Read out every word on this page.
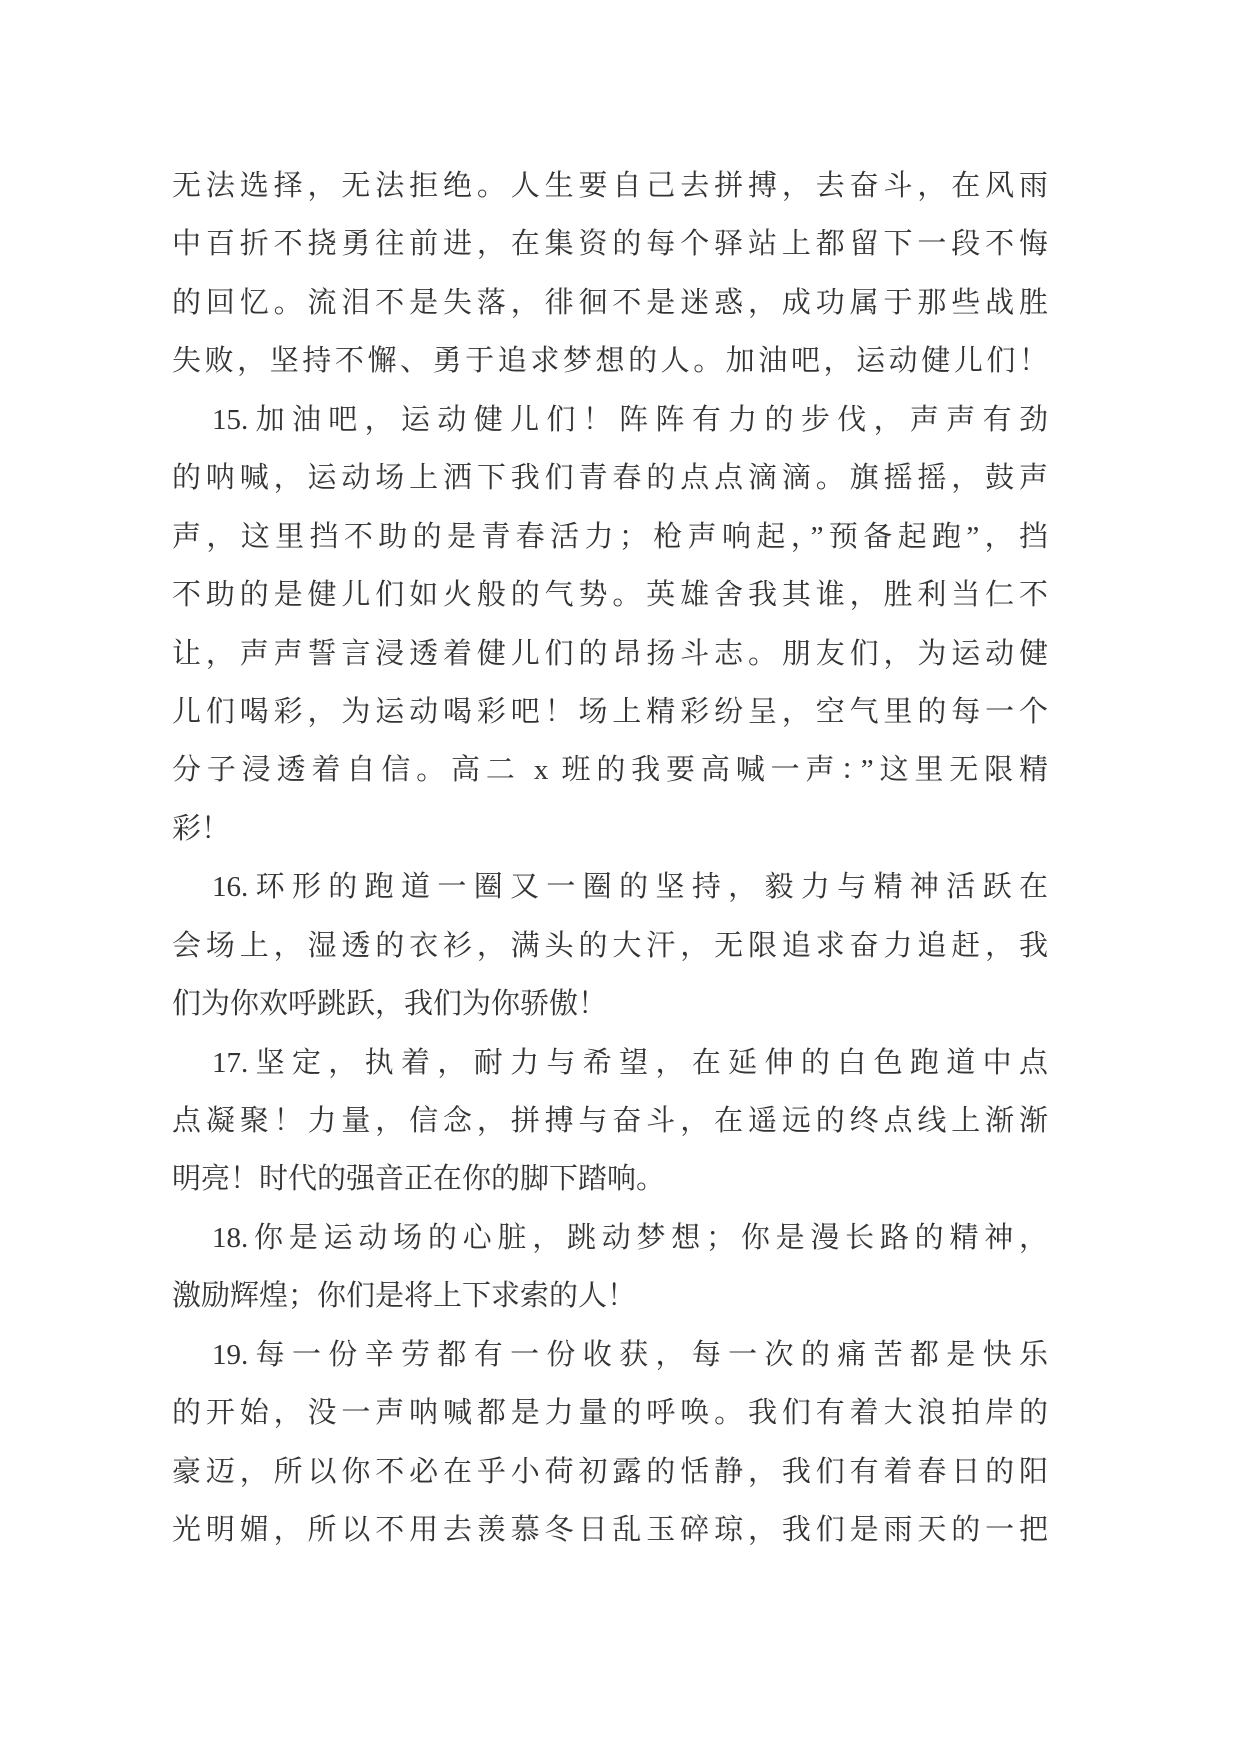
无法选择，无法拒绝。人生要自己去拼搏，去奋斗，在风雨
中百折不挠勇往前进，在集资的每个驿站上都留下一段不悔
的回忆。流泪不是失落，徘徊不是迷惑，成功属于那些战胜
失败，坚持不懈、勇于追求梦想的人。加油吧，运动健儿们！
15.加油吧，运动健儿们！阵阵有力的步伐，声声有劲
的呐喊，运动场上洒下我们青春的点点滴滴。旗摇摇，鼓声
声，这里挡不助的是青春活力；枪声响起，”预备起跑”，挡
不助的是健儿们如火般的气势。英雄舍我其谁，胜利当仁不
让，声声誓言浸透着健儿们的昂扬斗志。朋友们，为运动健
儿们喝彩，为运动喝彩吧！场上精彩纷呈，空气里的每一个
分子浸透着自信。高二 x 班的我要高喊一声：”这里无限精
彩！
16.环形的跑道一圈又一圈的坚持，毅力与精神活跃在
会场上，湿透的衣衫，满头的大汗，无限追求奋力追赶，我
们为你欢呼跳跃，我们为你骄傲！
17.坚定，执着，耐力与希望，在延伸的白色跑道中点
点凝聚！力量，信念，拼搏与奋斗，在遥远的终点线上渐渐
明亮！时代的强音正在你的脚下踏响。
18.你是运动场的心脏，跳动梦想；你是漫长路的精神，
激励辉煌；你们是将上下求索的人！
19.每一份辛劳都有一份收获，每一次的痛苦都是快乐
的开始，没一声呐喊都是力量的呼唤。我们有着大浪拍岸的
豪迈，所以你不必在乎小荷初露的恬静，我们有着春日的阳
光明媚，所以不用去羡慕冬日乱玉碎琼，我们是雨天的一把
